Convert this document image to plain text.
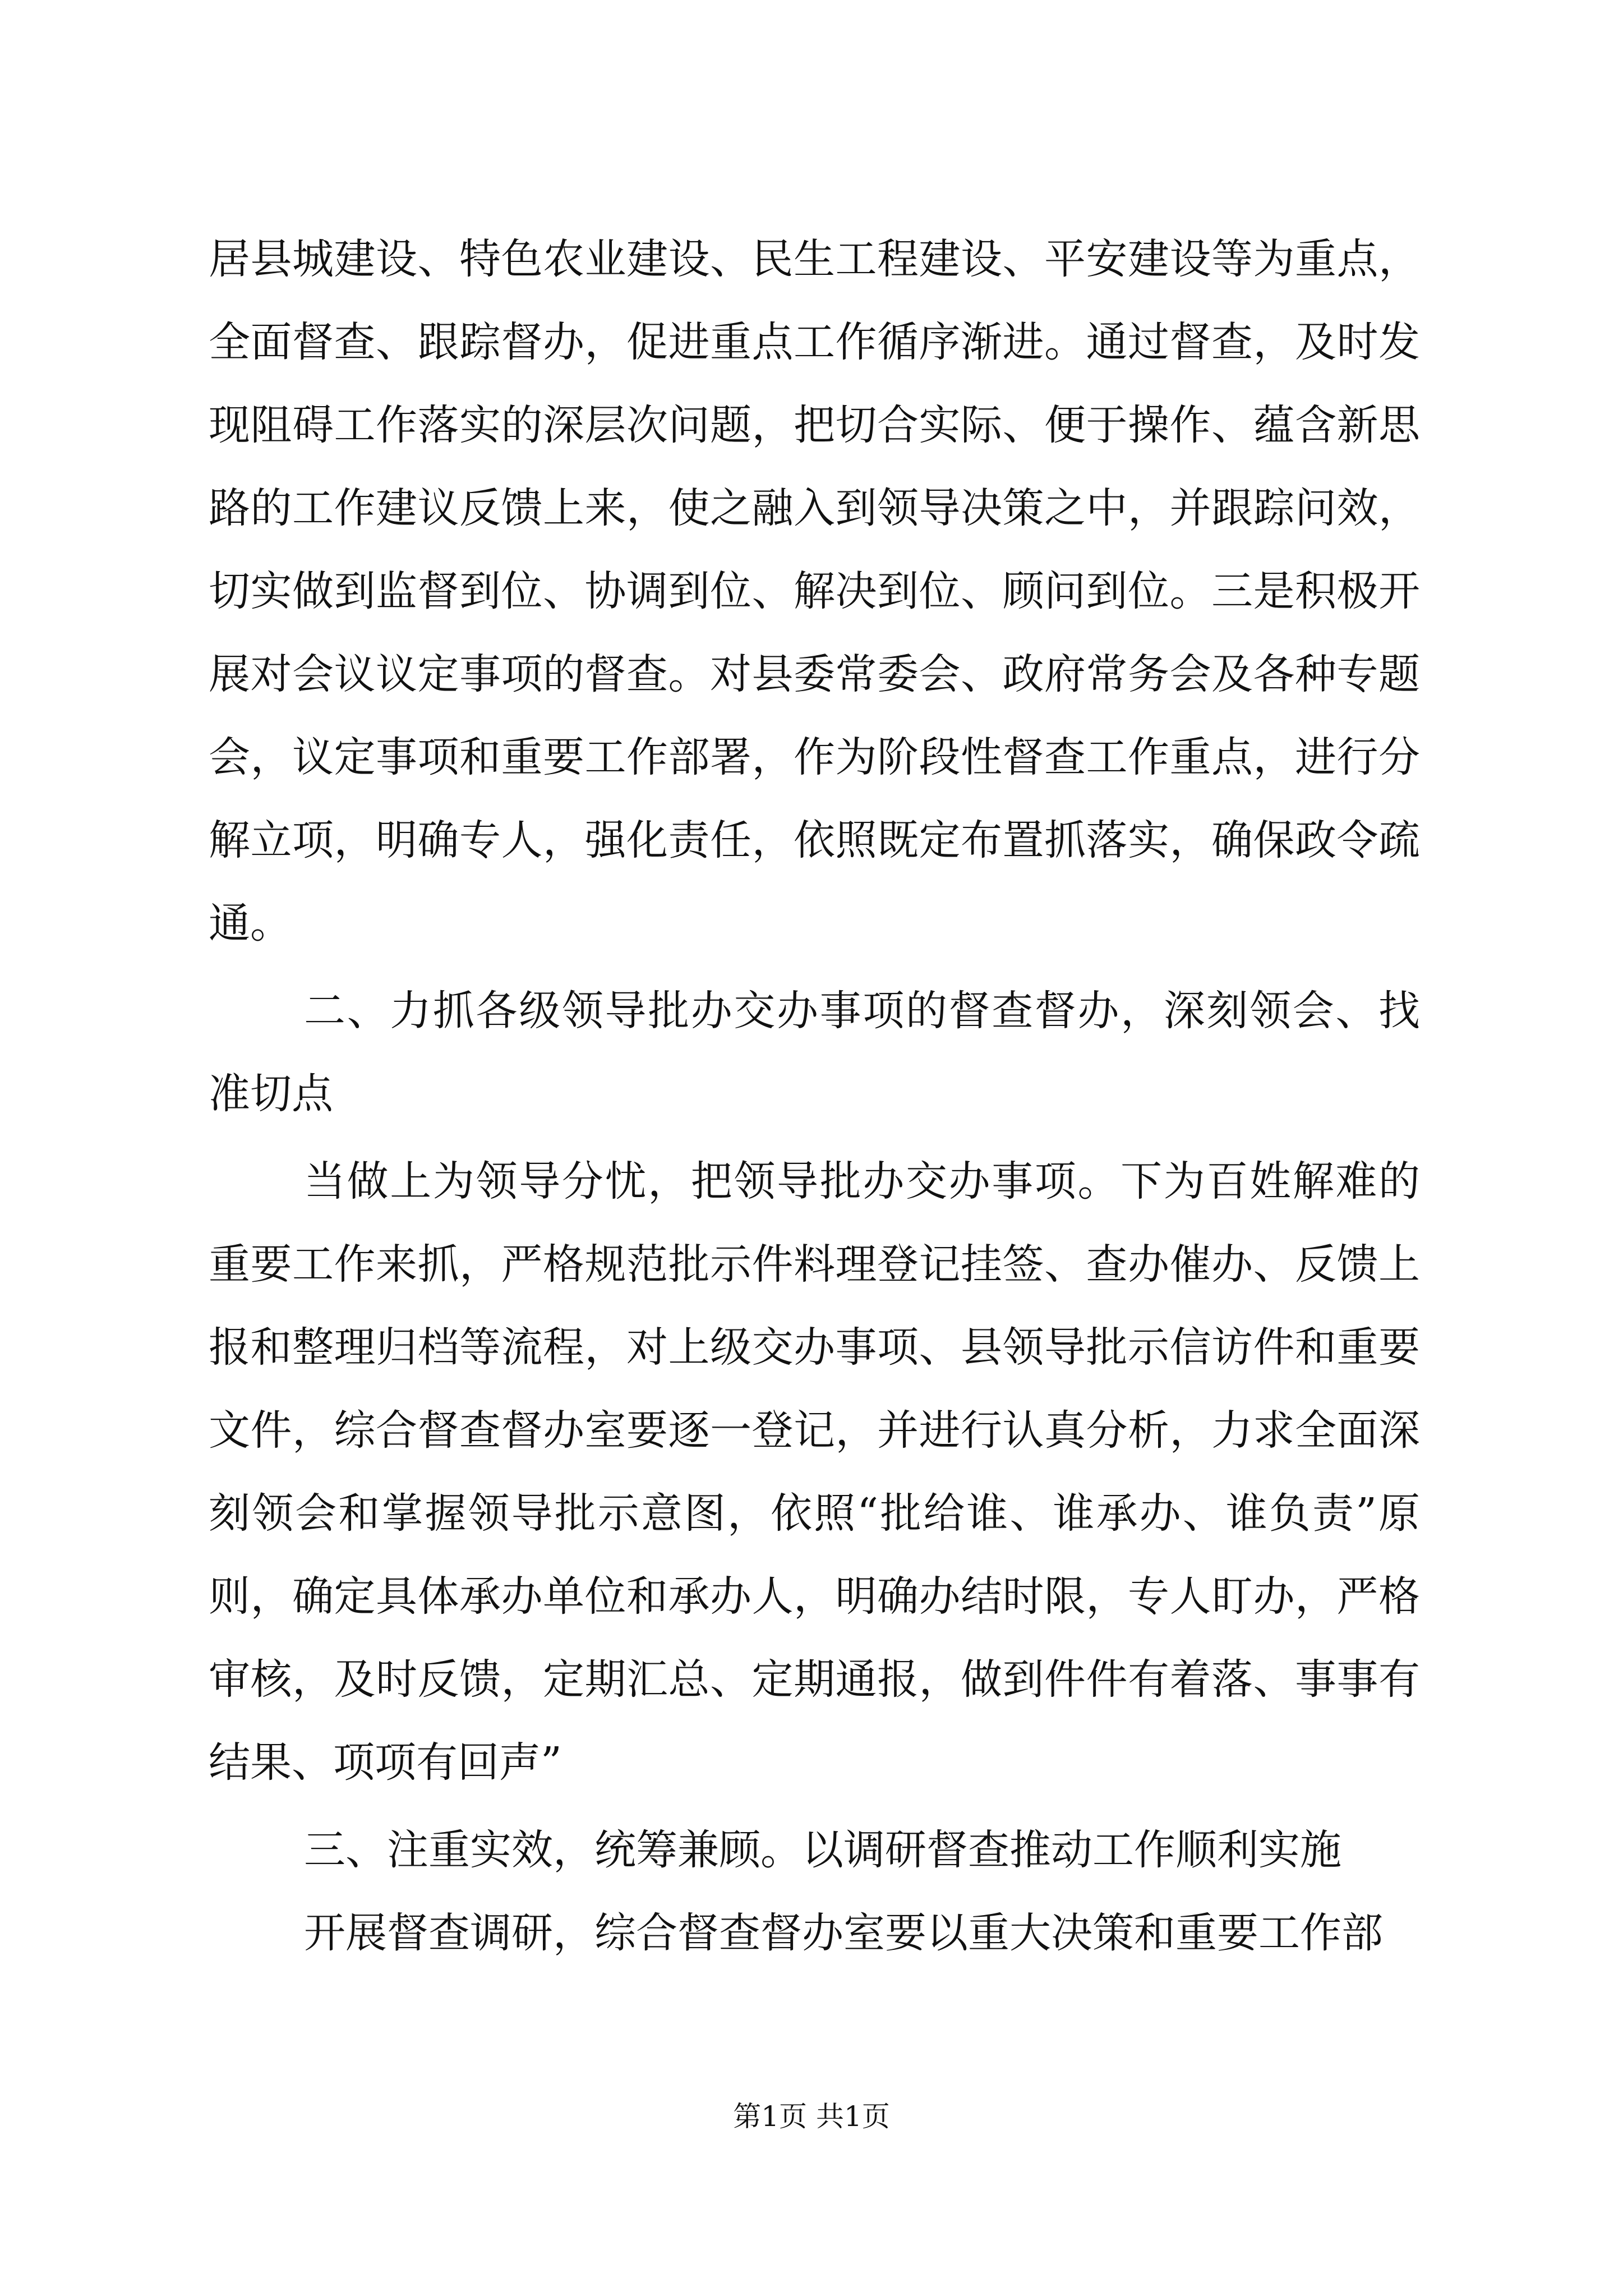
居县城建设、特色农业建设、民生工程建设、平安建设等为重点，全面督查、跟踪督办，促进重点工作循序渐进。通过督查，及时发现阻碍工作落实的深层次问题，把切合实际、便于操作、蕴含新思路的工作建议反馈上来，使之融入到领导决策之中，并跟踪问效，切实做到监督到位、协调到位、解决到位、顾问到位。三是积极开展对会议议定事项的督查。对县委常委会、政府常务会及各种专题会，议定事项和重要工作部署，作为阶段性督查工作重点，进行分解立项，明确专人，强化责任，依照既定布置抓落实，确保政令疏通。

二、力抓各级领导批办交办事项的督查督办，深刻领会、找准切点

当做上为领导分忧，把领导批办交办事项。下为百姓解难的重要工作来抓，严格规范批示件料理登记挂签、查办催办、反馈上报和整理归档等流程，对上级交办事项、县领导批示信访件和重要文件，综合督查督办室要逐一登记，并进行认真分析，力求全面深刻领会和掌握领导批示意图，依照“批给谁、谁承办、谁负责”原则，确定具体承办单位和承办人，明确办结时限，专人盯办，严格审核，及时反馈，定期汇总、定期通报，做到件件有着落、事事有结果、项项有回声”

三、注重实效，统筹兼顾。以调研督查推动工作顺利实施

开展督查调研，综合督查督办室要以重大决策和重要工作部

第1页 共1页
